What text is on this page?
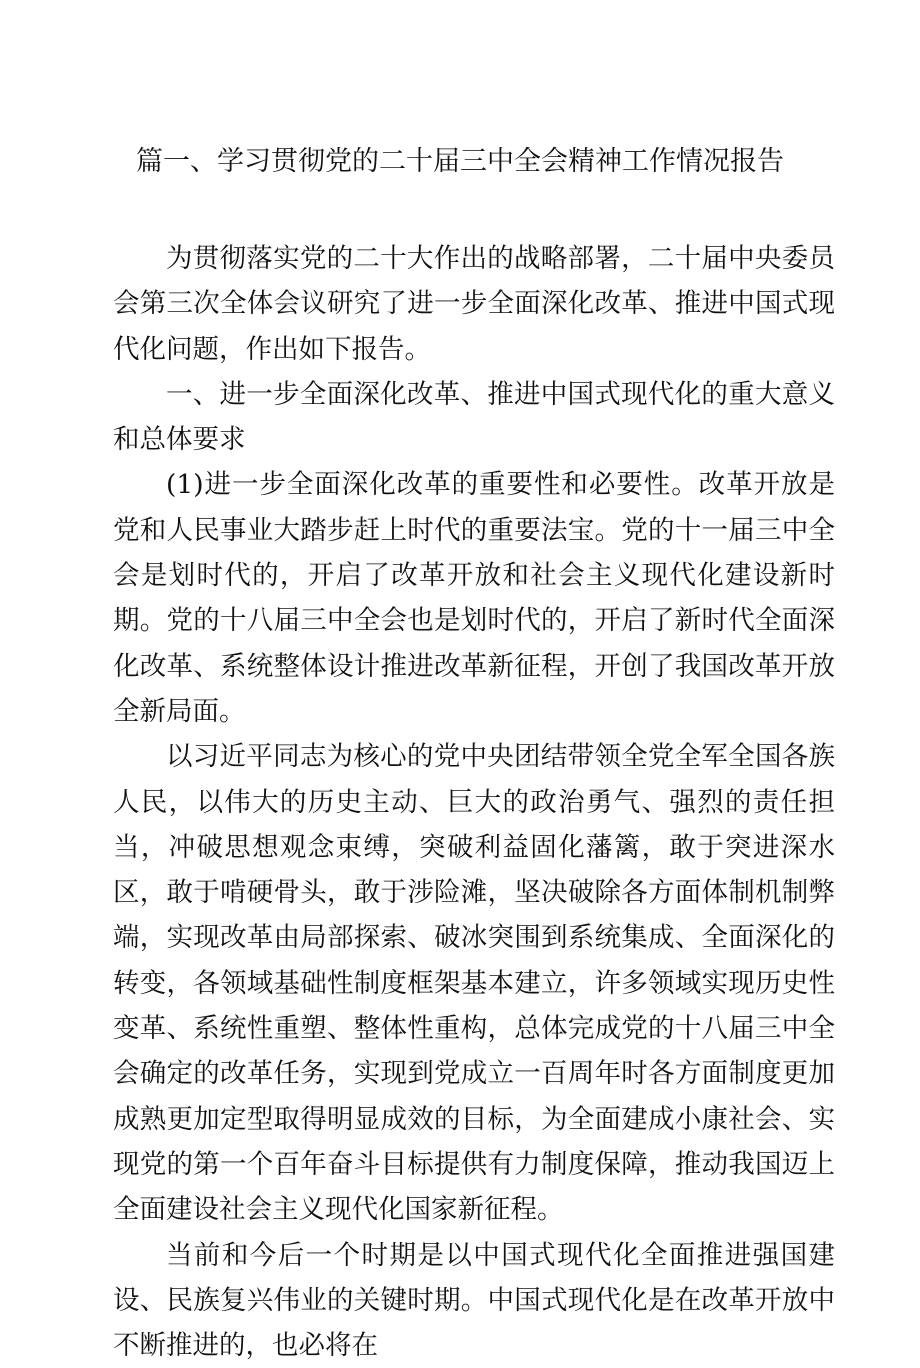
篇一、学习贯彻党的二十届三中全会精神工作情况报告

为贯彻落实党的二十大作出的战略部署，二十届中央委员会第三次全体会议研究了进一步全面深化改革、推进中国式现代化问题，作出如下报告。

一、进一步全面深化改革、推进中国式现代化的重大意义和总体要求

(1)进一步全面深化改革的重要性和必要性。改革开放是党和人民事业大踏步赶上时代的重要法宝。党的十一届三中全会是划时代的，开启了改革开放和社会主义现代化建设新时期。党的十八届三中全会也是划时代的，开启了新时代全面深化改革、系统整体设计推进改革新征程，开创了我国改革开放全新局面。

以习近平同志为核心的党中央团结带领全党全军全国各族人民，以伟大的历史主动、巨大的政治勇气、强烈的责任担当，冲破思想观念束缚，突破利益固化藩篱，敢于突进深水区，敢于啃硬骨头，敢于涉险滩，坚决破除各方面体制机制弊端，实现改革由局部探索、破冰突围到系统集成、全面深化的转变，各领域基础性制度框架基本建立，许多领域实现历史性变革、系统性重塑、整体性重构，总体完成党的十八届三中全会确定的改革任务，实现到党成立一百周年时各方面制度更加成熟更加定型取得明显成效的目标，为全面建成小康社会、实现党的第一个百年奋斗目标提供有力制度保障，推动我国迈上全面建设社会主义现代化国家新征程。

当前和今后一个时期是以中国式现代化全面推进强国建设、民族复兴伟业的关键时期。中国式现代化是在改革开放中不断推进的，也必将在
